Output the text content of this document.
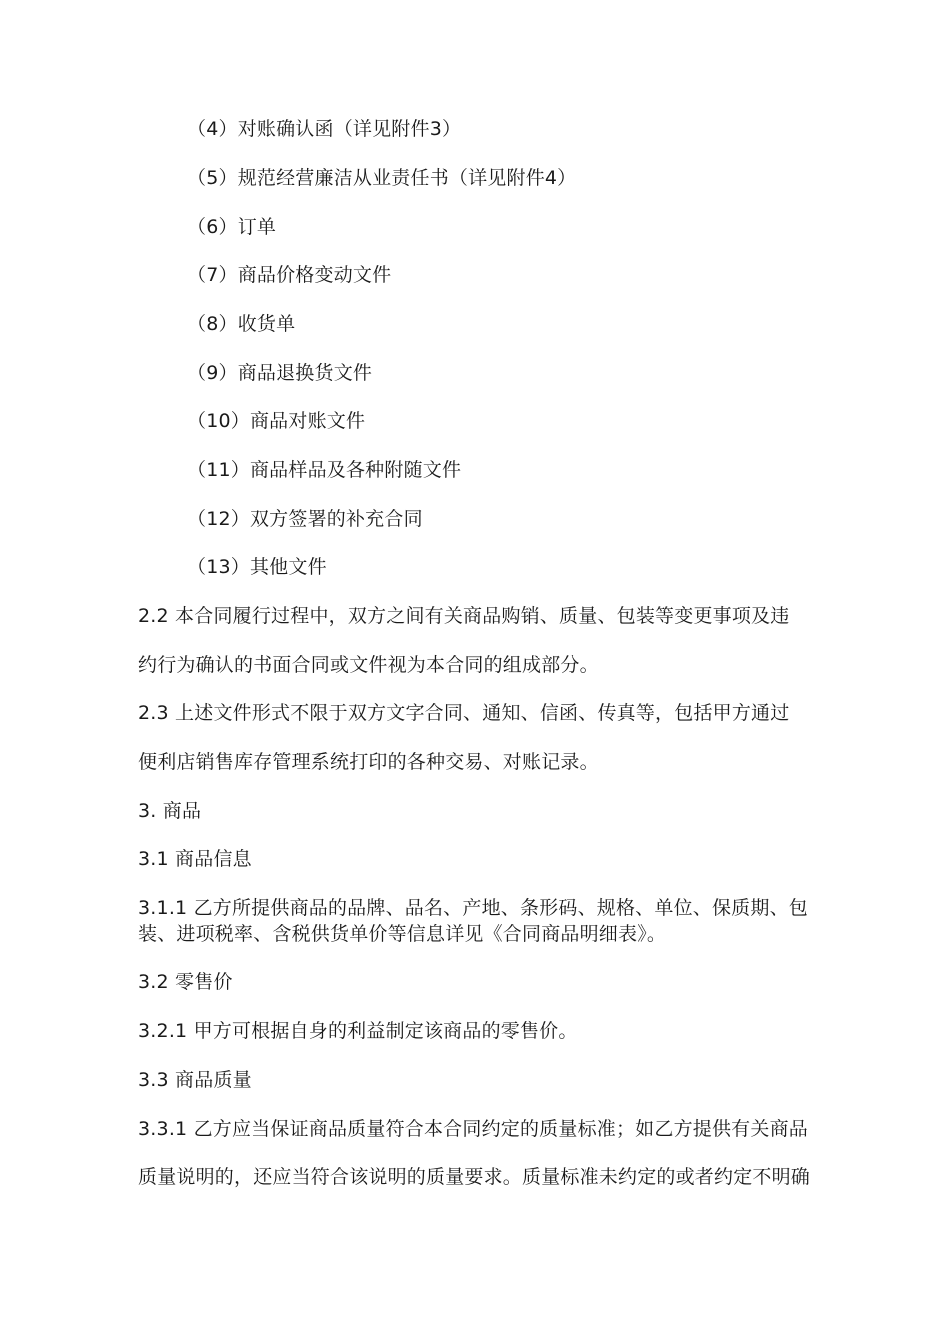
（4）对账确认函（详见附件3）
（5）规范经营廉洁从业责任书（详见附件4）
（6）订单
（7）商品价格变动文件
（8）收货单
（9）商品退换货文件
（10）商品对账文件
（11）商品样品及各种附随文件
（12）双方签署的补充合同
（13）其他文件
2.2 本合同履行过程中，双方之间有关商品购销、质量、包装等变更事项及违
约行为确认的书面合同或文件视为本合同的组成部分。
2.3 上述文件形式不限于双方文字合同、通知、信函、传真等，包括甲方通过
便利店销售库存管理系统打印的各种交易、对账记录。
3. 商品
3.1 商品信息
3.1.1 乙方所提供商品的品牌、品名、产地、条形码、规格、单位、保质期、包
装、进项税率、含税供货单价等信息详见《合同商品明细表》。
3.2 零售价
3.2.1 甲方可根据自身的利益制定该商品的零售价。
3.3 商品质量
3.3.1 乙方应当保证商品质量符合本合同约定的质量标准；如乙方提供有关商品
质量说明的，还应当符合该说明的质量要求。质量标准未约定的或者约定不明确
